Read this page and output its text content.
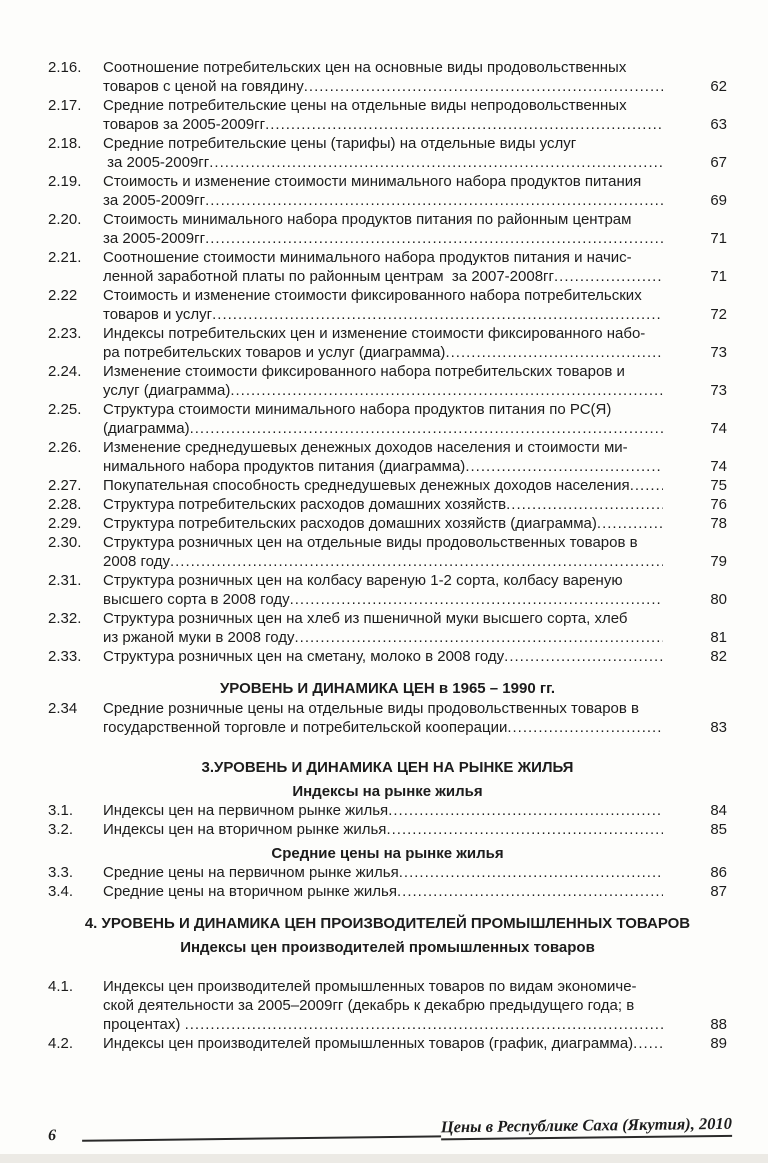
2.16.	Соотношение потребительских цен на основные виды продовольственных
товаров с ценой на говядину .....	62
2.17.	Средние потребительские цены на отдельные виды непродовольственных
товаров за 2005-2009гг .....	63
2.18.	Средние потребительские цены (тарифы) на отдельные виды услуг
за 2005-2009гг .....	67
2.19.	Стоимость и изменение стоимости минимального набора продуктов питания
за 2005-2009гг .....	69
2.20.	Стоимость минимального набора продуктов питания по районным центрам
за 2005-2009гг .....	71
2.21.	Соотношение стоимости минимального набора продуктов питания и начис-
ленной заработной платы по районным центрам  за 2007-2008гг .....	71
2.22	Стоимость и изменение стоимости фиксированного набора потребительских
товаров и услуг .....	72
2.23.	Индексы потребительских цен и изменение стоимости фиксированного набо-
ра потребительских товаров и услуг (диаграмма) .....	73
2.24.	Изменение стоимости фиксированного набора потребительских товаров и
услуг (диаграмма) .....	73
2.25.	Структура стоимости минимального набора продуктов питания по РС(Я)
(диаграмма) .....	74
2.26.	Изменение среднедушевых денежных доходов населения и стоимости ми-
нимального набора продуктов питания (диаграмма) .....	74
2.27.	Покупательная способность среднедушевых денежных доходов населения .....	75
2.28.	Структура потребительских расходов домашних хозяйств .....	76
2.29.	Структура потребительских расходов домашних хозяйств (диаграмма) .....	78
2.30.	Структура розничных цен на отдельные виды продовольственных товаров в
2008 году .....	79
2.31.	Структура розничных цен на колбасу вареную 1-2 сорта, колбасу вареную
высшего сорта в 2008 году .....	80
2.32.	Структура розничных цен на хлеб из пшеничной муки высшего сорта, хлеб
из ржаной муки в 2008 году .....	81
2.33.	Структура розничных цен на сметану, молоко в 2008 году .....	82
УРОВЕНЬ И ДИНАМИКА ЦЕН в 1965 – 1990 гг.
2.34	Средние розничные цены на отдельные виды продовольственных товаров в
государственной торговле и потребительской кооперации .....	83
3.УРОВЕНЬ И ДИНАМИКА ЦЕН НА РЫНКЕ ЖИЛЬЯ
Индексы на рынке жилья
3.1.	Индексы цен на первичном рынке жилья .....	84
3.2.	Индексы цен на вторичном рынке жилья .....	85
Средние цены на рынке жилья
3.3.	Средние цены на первичном рынке жилья .....	86
3.4.	Средние цены на вторичном рынке жилья .....	87
4. УРОВЕНЬ И ДИНАМИКА ЦЕН ПРОИЗВОДИТЕЛЕЙ ПРОМЫШЛЕННЫХ ТОВАРОВ
Индексы цен производителей промышленных товаров
4.1.	Индексы цен производителей промышленных товаров по видам экономиче-
ской деятельности за 2005–2009гг (декабрь к декабрю предыдущего года; в
процентах) .....	88
4.2.	Индексы цен производителей промышленных товаров (график, диаграмма) .....	89
6	Цены в Республике Саха (Якутия), 2010
